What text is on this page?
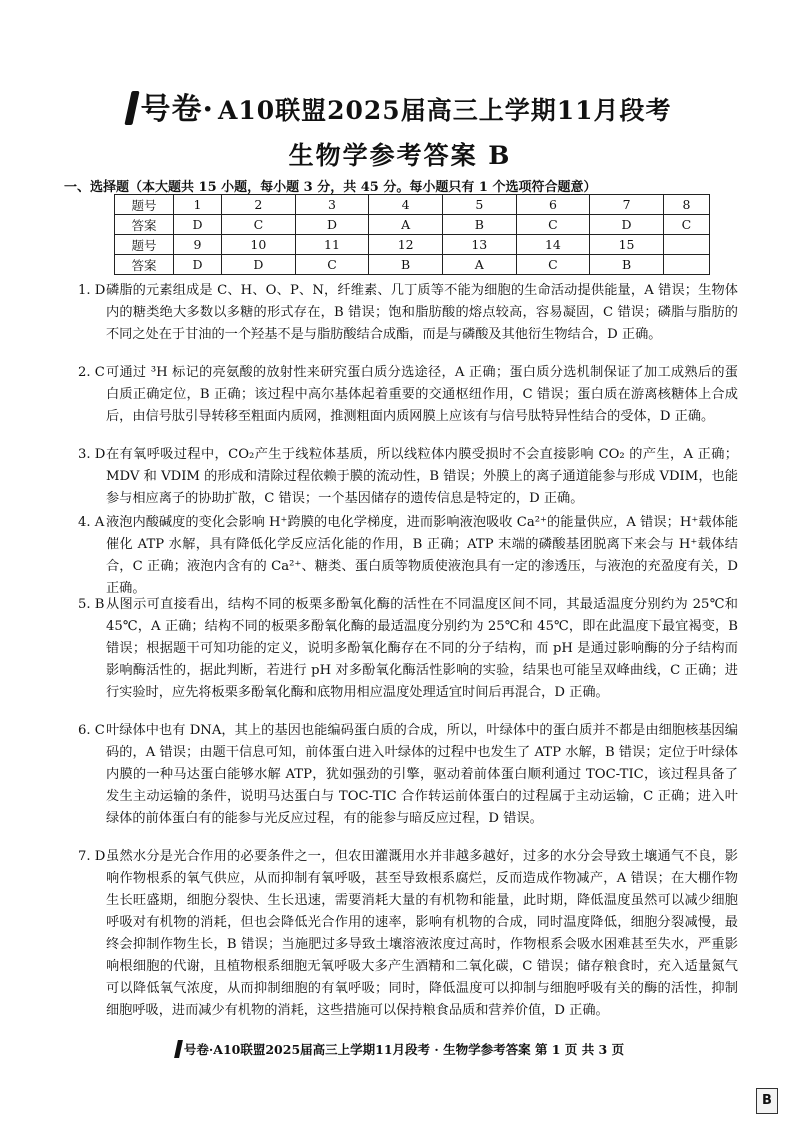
号卷· A10联盟2025届高三上学期11月段考
生物学参考答案 B
一、选择题（本大题共 15 小题，每小题 3 分，共 45 分。每小题只有 1 个选项符合题意）
题号	1	2	3	4	5	6	7	8
答案	D	C	D	A	B	C	D	C
题号	9	10	11	12	13	14	15	
答案	D	D	C	B	A	C	B	
1. D 磷脂的元素组成是 C、H、O、P、N，纤维素、几丁质等不能为细胞的生命活动提供能量，A 错误；生物体内的糖类绝大多数以多糖的形式存在，B 错误；饱和脂肪酸的熔点较高，容易凝固，C 错误；磷脂与脂肪的不同之处在于甘油的一个羟基不是与脂肪酸结合成酯，而是与磷酸及其他衍生物结合，D 正确。
2. C 可通过 ³H 标记的亮氨酸的放射性来研究蛋白质分选途径，A 正确；蛋白质分选机制保证了加工成熟后的蛋白质正确定位，B 正确；该过程中高尔基体起着重要的交通枢纽作用，C 错误；蛋白质在游离核糖体上合成后，由信号肽引导转移至粗面内质网，推测粗面内质网膜上应该有与信号肽特异性结合的受体，D 正确。
3. D 在有氧呼吸过程中，CO₂产生于线粒体基质，所以线粒体内膜受损时不会直接影响 CO₂ 的产生，A 正确；MDV 和 VDIM 的形成和清除过程依赖于膜的流动性，B 错误；外膜上的离子通道能参与形成 VDIM，也能参与相应离子的协助扩散，C 错误；一个基因储存的遗传信息是特定的，D 正确。
4. A 液泡内酸碱度的变化会影响 H⁺跨膜的电化学梯度，进而影响液泡吸收 Ca²⁺的能量供应，A 错误；H⁺载体能催化 ATP 水解，具有降低化学反应活化能的作用，B 正确；ATP 末端的磷酸基团脱离下来会与 H⁺载体结合，C 正确；液泡内含有的 Ca²⁺、糖类、蛋白质等物质使液泡具有一定的渗透压，与液泡的充盈度有关，D 正确。
5. B 从图示可直接看出，结构不同的板栗多酚氧化酶的活性在不同温度区间不同，其最适温度分别约为 25℃和 45℃，A 正确；结构不同的板栗多酚氧化酶的最适温度分别约为 25℃和 45℃，即在此温度下最宜褐变，B 错误；根据题干可知功能的定义，说明多酚氧化酶存在不同的分子结构，而 pH 是通过影响酶的分子结构而影响酶活性的，据此判断，若进行 pH 对多酚氧化酶活性影响的实验，结果也可能呈双峰曲线，C 正确；进行实验时，应先将板栗多酚氧化酶和底物用相应温度处理适宜时间后再混合，D 正确。
6. C 叶绿体中也有 DNA，其上的基因也能编码蛋白质的合成，所以，叶绿体中的蛋白质并不都是由细胞核基因编码的，A 错误；由题干信息可知，前体蛋白进入叶绿体的过程中也发生了 ATP 水解，B 错误；定位于叶绿体内膜的一种马达蛋白能够水解 ATP，犹如强劲的引擎，驱动着前体蛋白顺利通过 TOC-TIC，该过程具备了发生主动运输的条件，说明马达蛋白与 TOC-TIC 合作转运前体蛋白的过程属于主动运输，C 正确；进入叶绿体的前体蛋白有的能参与光反应过程，有的能参与暗反应过程，D 错误。
7. D 虽然水分是光合作用的必要条件之一，但农田灌溉用水并非越多越好，过多的水分会导致土壤通气不良，影响作物根系的氧气供应，从而抑制有氧呼吸，甚至导致根系腐烂，反而造成作物减产，A 错误；在大棚作物生长旺盛期，细胞分裂快、生长迅速，需要消耗大量的有机物和能量，此时期，降低温度虽然可以减少细胞呼吸对有机物的消耗，但也会降低光合作用的速率，影响有机物的合成，同时温度降低，细胞分裂减慢，最终会抑制作物生长，B 错误；当施肥过多导致土壤溶液浓度过高时，作物根系会吸水困难甚至失水，严重影响根细胞的代谢，且植物根系细胞无氧呼吸大多产生酒精和二氧化碳，C 错误；储存粮食时，充入适量氮气可以降低氧气浓度，从而抑制细胞的有氧呼吸；同时，降低温度可以抑制与细胞呼吸有关的酶的活性，抑制细胞呼吸，进而减少有机物的消耗，这些措施可以保持粮食品质和营养价值，D 正确。
号卷·A10联盟2025届高三上学期11月段考 · 生物学参考答案 第 1 页 共 3 页
B
